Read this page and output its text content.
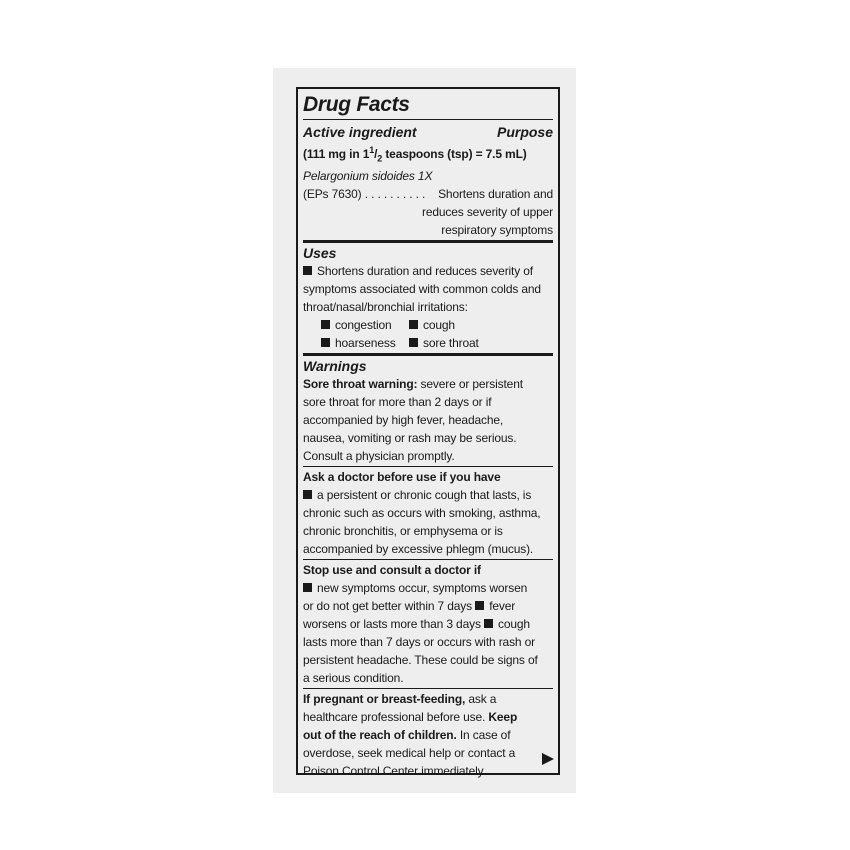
Drug Facts
Active ingredient	Purpose
(111 mg in $1^1/_2$ teaspoons (tsp) = 7.5 mL)
Pelargonium sidoides 1X
(EPs 7630) . . . . . . . . . . Shortens duration and
reduces severity of upper
respiratory symptoms
Uses
Shortens duration and reduces severity of
symptoms associated with common colds and
throat/nasal/bronchial irritations:
congestion	cough
hoarseness	sore throat
Warnings
Sore throat warning: severe or persistent
sore throat for more than 2 days or if
accompanied by high fever, headache,
nausea, vomiting or rash may be serious.
Consult a physician promptly.
Ask a doctor before use if you have
a persistent or chronic cough that lasts, is
chronic such as occurs with smoking, asthma,
chronic bronchitis, or emphysema or is
accompanied by excessive phlegm (mucus).
Stop use and consult a doctor if
new symptoms occur, symptoms worsen
or do not get better within 7 days fever
worsens or lasts more than 3 days cough
lasts more than 7 days or occurs with rash or
persistent headache. These could be signs of
a serious condition.
If pregnant or breast-feeding, ask a
healthcare professional before use. Keep
out of the reach of children. In case of
overdose, seek medical help or contact a
Poison Control Center immediately.
